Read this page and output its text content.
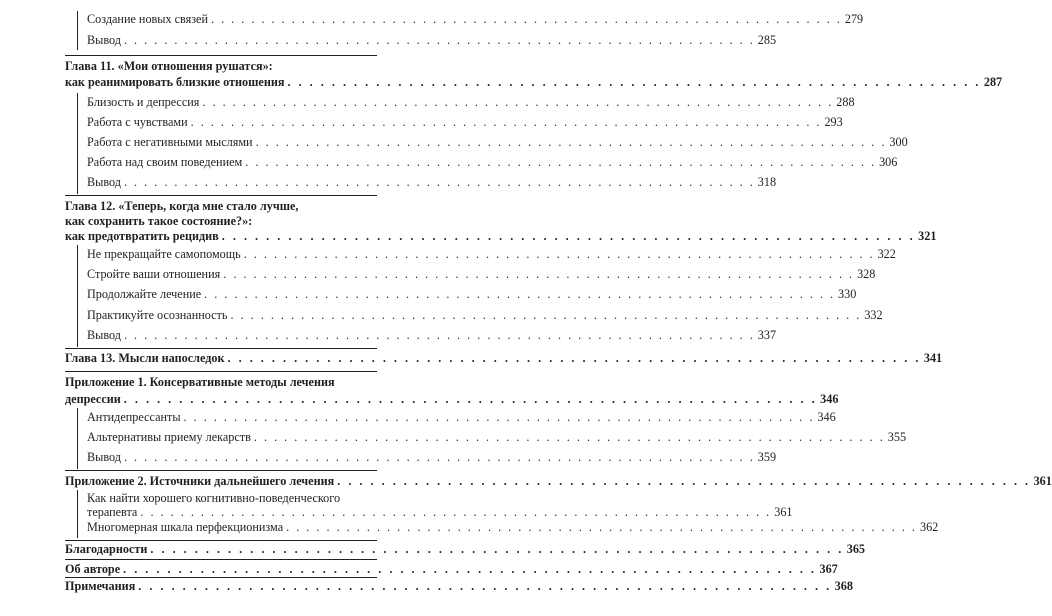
Создание новых связей . . . . . . . . . . . . . . . . . . . . . . . . . . . . . . . . . . . . . . . . . . . . . . . . . . . . . . . . . . . . . . . 279
Вывод . . . . . . . . . . . . . . . . . . . . . . . . . . . . . . . . . . . . . . . . . . . . . . . . . . . . . . . . . . . . . . . 285
Глава 11. «Мои отношения рушатся»:
как реанимировать близкие отношения . . . . . . . . . . . . . . . . . . . . . . . . . . . . . . . . . . . . . . . . . . . . . . . . . . . . . . . . . . . . . . . 287
Близость и депрессия . . . . . . . . . . . . . . . . . . . . . . . . . . . . . . . . . . . . . . . . . . . . . . . . . . . . . . . . . . . . . . . 288
Работа с чувствами . . . . . . . . . . . . . . . . . . . . . . . . . . . . . . . . . . . . . . . . . . . . . . . . . . . . . . . . . . . . . . . 293
Работа с негативными мыслями . . . . . . . . . . . . . . . . . . . . . . . . . . . . . . . . . . . . . . . . . . . . . . . . . . . . . . . . . . . . . . . 300
Работа над своим поведением . . . . . . . . . . . . . . . . . . . . . . . . . . . . . . . . . . . . . . . . . . . . . . . . . . . . . . . . . . . . . . . 306
Вывод . . . . . . . . . . . . . . . . . . . . . . . . . . . . . . . . . . . . . . . . . . . . . . . . . . . . . . . . . . . . . . . 318
Глава 12. «Теперь, когда мне стало лучше,
как сохранить такое состояние?»:
как предотвратить рецидив . . . . . . . . . . . . . . . . . . . . . . . . . . . . . . . . . . . . . . . . . . . . . . . . . . . . . . . . . . . . . . . 321
Не прекращайте самопомощь . . . . . . . . . . . . . . . . . . . . . . . . . . . . . . . . . . . . . . . . . . . . . . . . . . . . . . . . . . . . . . . 322
Стройте ваши отношения . . . . . . . . . . . . . . . . . . . . . . . . . . . . . . . . . . . . . . . . . . . . . . . . . . . . . . . . . . . . . . . 328
Продолжайте лечение . . . . . . . . . . . . . . . . . . . . . . . . . . . . . . . . . . . . . . . . . . . . . . . . . . . . . . . . . . . . . . . 330
Практикуйте осознанность . . . . . . . . . . . . . . . . . . . . . . . . . . . . . . . . . . . . . . . . . . . . . . . . . . . . . . . . . . . . . . . 332
Вывод . . . . . . . . . . . . . . . . . . . . . . . . . . . . . . . . . . . . . . . . . . . . . . . . . . . . . . . . . . . . . . . 337
Глава 13. Мысли напоследок . . . . . . . . . . . . . . . . . . . . . . . . . . . . . . . . . . . . . . . . . . . . . . . . . . . . . . . . . . . . . . . 341
Приложение 1. Консервативные методы лечения
депрессии . . . . . . . . . . . . . . . . . . . . . . . . . . . . . . . . . . . . . . . . . . . . . . . . . . . . . . . . . . . . . . . 346
Антидепрессанты . . . . . . . . . . . . . . . . . . . . . . . . . . . . . . . . . . . . . . . . . . . . . . . . . . . . . . . . . . . . . . . 346
Альтернативы приему лекарств . . . . . . . . . . . . . . . . . . . . . . . . . . . . . . . . . . . . . . . . . . . . . . . . . . . . . . . . . . . . . . . 355
Вывод . . . . . . . . . . . . . . . . . . . . . . . . . . . . . . . . . . . . . . . . . . . . . . . . . . . . . . . . . . . . . . . 359
Приложение 2. Источники дальнейшего лечения . . . . . . . . . . . . . . . . . . . . . . . . . . . . . . . . . . . . . . . . . . . . . . . . . . . . . . . . . . . . . . . 361
Как найти хорошего когнитивно-поведенческого
терапевта . . . . . . . . . . . . . . . . . . . . . . . . . . . . . . . . . . . . . . . . . . . . . . . . . . . . . . . . . . . . . . . 361
Многомерная шкала перфекционизма . . . . . . . . . . . . . . . . . . . . . . . . . . . . . . . . . . . . . . . . . . . . . . . . . . . . . . . . . . . . . . . 362
Благодарности . . . . . . . . . . . . . . . . . . . . . . . . . . . . . . . . . . . . . . . . . . . . . . . . . . . . . . . . . . . . . . . 365
Об авторе . . . . . . . . . . . . . . . . . . . . . . . . . . . . . . . . . . . . . . . . . . . . . . . . . . . . . . . . . . . . . . . 367
Примечания . . . . . . . . . . . . . . . . . . . . . . . . . . . . . . . . . . . . . . . . . . . . . . . . . . . . . . . . . . . . . . . 368
